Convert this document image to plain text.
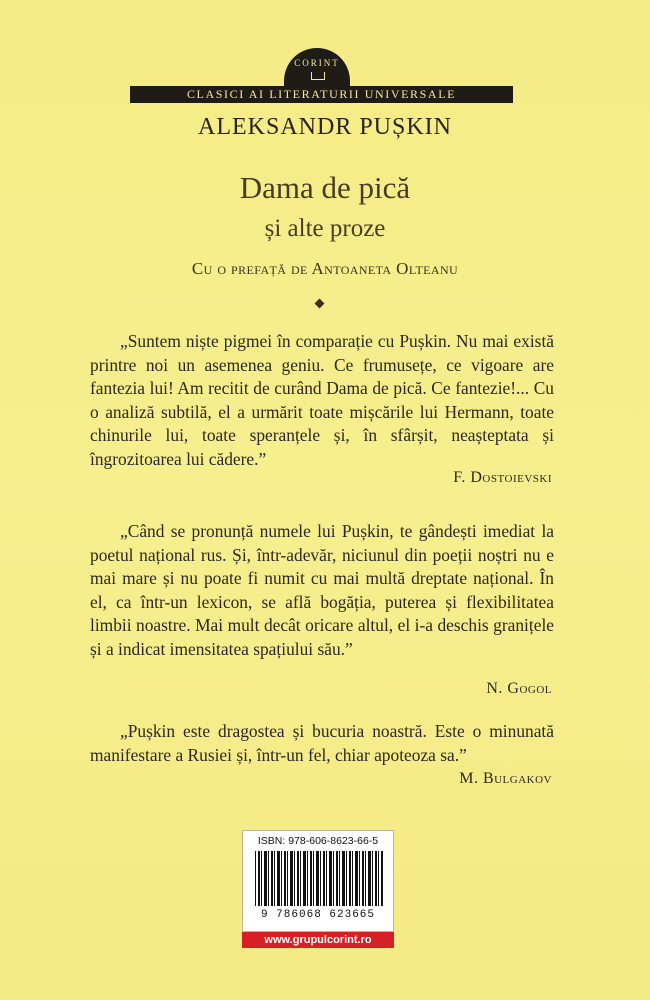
CORINT
CLASICI AI LITERATURII UNIVERSALE
ALEKSANDR PUȘKIN
Dama de pică
și alte proze
Cu o prefață de Antoaneta Olteanu

„Suntem niște pigmei în comparație cu Pușkin. Nu mai există printre noi un asemenea geniu. Ce frumusețe, ce vigoare are fantezia lui! Am recitit de curând Dama de pică. Ce fantezie!... Cu o analiză subtilă, el a urmărit toate mișcările lui Hermann, toate chinurile lui, toate speranțele și, în sfârșit, neașteptata și îngrozitoarea lui cădere.”

F. Dostoievski

„Când se pronunță numele lui Pușkin, te gândești imediat la poetul național rus. Și, într-adevăr, niciunul din poeții noștri nu e mai mare și nu poate fi numit cu mai multă dreptate național. În el, ca într-un lexicon, se află bogăția, puterea și flexibilitatea limbii noastre. Mai mult decât oricare altul, el i-a deschis granițele și a indicat imensitatea spațiului său.”

N. Gogol

„Pușkin este dragostea și bucuria noastră. Este o minunată manifestare a Rusiei și, într-un fel, chiar apoteoza sa.”

M. Bulgakov
ISBN: 978-606-8623-66-5
9 786068 623665
www.grupulcorint.ro
